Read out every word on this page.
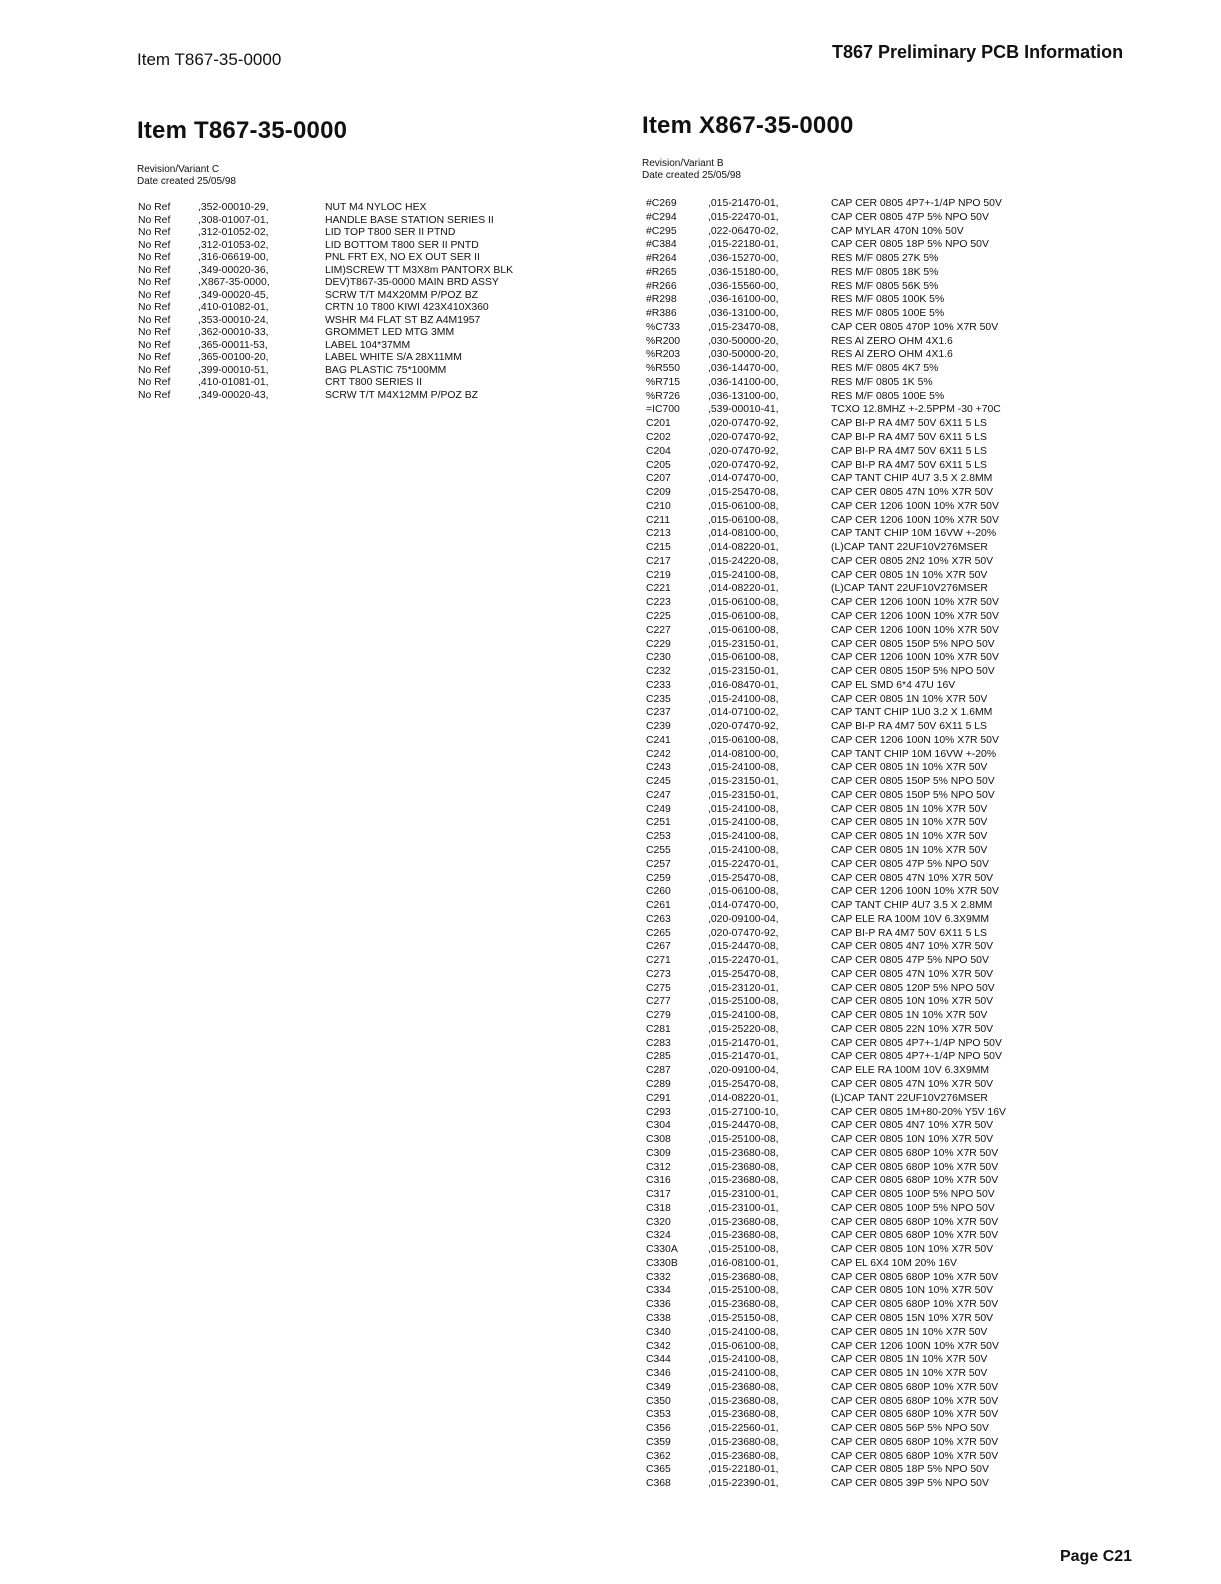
Item T867-35-0000	T867 Preliminary PCB Information
Item T867-35-0000
Revision/Variant C
Date created 25/05/98
No Ref	,352-00010-29,	NUT M4 NYLOC HEX
No Ref	,308-01007-01,	HANDLE BASE STATION SERIES II
No Ref	,312-01052-02,	LID TOP T800 SER II PTND
No Ref	,312-01053-02,	LID BOTTOM T800 SER II PNTD
No Ref	,316-06619-00,	PNL FRT EX, NO EX OUT SER II
No Ref	,349-00020-36,	LIM)SCREW TT M3X8m PANTORX BLK
No Ref	,X867-35-0000,	DEV)T867-35-0000 MAIN BRD ASSY
No Ref	,349-00020-45,	SCRW T/T M4X20MM P/POZ BZ
No Ref	,410-01082-01,	CRTN 10 T800 KIWI 423X410X360
No Ref	,353-00010-24,	WSHR M4 FLAT ST BZ A4M1957
No Ref	,362-00010-33,	GROMMET LED MTG 3MM
No Ref	,365-00011-53,	LABEL 104*37MM
No Ref	,365-00100-20,	LABEL WHITE S/A 28X11MM
No Ref	,399-00010-51,	BAG PLASTIC 75*100MM
No Ref	,410-01081-01,	CRT T800 SERIES II
No Ref	,349-00020-43,	SCRW T/T M4X12MM P/POZ BZ
Item X867-35-0000
Revision/Variant B
Date created 25/05/98
#C269	,015-21470-01,	CAP CER 0805 4P7+-1/4P NPO 50V
#C294	,015-22470-01,	CAP CER 0805 47P 5% NPO 50V
#C295	,022-06470-02,	CAP MYLAR 470N 10% 50V
#C384	,015-22180-01,	CAP CER 0805 18P 5% NPO 50V
#R264	,036-15270-00,	RES M/F 0805 27K 5%
#R265	,036-15180-00,	RES M/F 0805 18K 5%
#R266	,036-15560-00,	RES M/F 0805 56K 5%
#R298	,036-16100-00,	RES M/F 0805 100K 5%
#R386	,036-13100-00,	RES M/F 0805 100E 5%
%C733	,015-23470-08,	CAP CER 0805 470P 10% X7R 50V
%R200	,030-50000-20,	RES Al ZERO OHM 4X1.6
%R203	,030-50000-20,	RES Al ZERO OHM 4X1.6
%R550	,036-14470-00,	RES M/F 0805 4K7 5%
%R715	,036-14100-00,	RES M/F 0805 1K 5%
%R726	,036-13100-00,	RES M/F 0805 100E 5%
=IC700	,539-00010-41,	TCXO 12.8MHZ +-2.5PPM -30 +70C
C201	,020-07470-92,	CAP BI-P RA 4M7 50V 6X11 5 LS
C202	,020-07470-92,	CAP BI-P RA 4M7 50V 6X11 5 LS
C204	,020-07470-92,	CAP BI-P RA 4M7 50V 6X11 5 LS
C205	,020-07470-92,	CAP BI-P RA 4M7 50V 6X11 5 LS
C207	,014-07470-00,	CAP TANT CHIP 4U7 3.5 X 2.8MM
C209	,015-25470-08,	CAP CER 0805 47N 10% X7R 50V
C210	,015-06100-08,	CAP CER 1206 100N 10% X7R 50V
C211	,015-06100-08,	CAP CER 1206 100N 10% X7R 50V
C213	,014-08100-00,	CAP TANT CHIP 10M 16VW +-20%
C215	,014-08220-01,	(L)CAP TANT 22UF10V276MSER
C217	,015-24220-08,	CAP CER 0805 2N2 10% X7R 50V
C219	,015-24100-08,	CAP CER 0805 1N 10% X7R 50V
C221	,014-08220-01,	(L)CAP TANT 22UF10V276MSER
C223	,015-06100-08,	CAP CER 1206 100N 10% X7R 50V
C225	,015-06100-08,	CAP CER 1206 100N 10% X7R 50V
C227	,015-06100-08,	CAP CER 1206 100N 10% X7R 50V
C229	,015-23150-01,	CAP CER 0805 150P 5% NPO 50V
C230	,015-06100-08,	CAP CER 1206 100N 10% X7R 50V
C232	,015-23150-01,	CAP CER 0805 150P 5% NPO 50V
C233	,016-08470-01,	CAP EL SMD 6*4 47U 16V
C235	,015-24100-08,	CAP CER 0805 1N 10% X7R 50V
C237	,014-07100-02,	CAP TANT CHIP 1U0 3.2 X 1.6MM
C239	,020-07470-92,	CAP BI-P RA 4M7 50V 6X11 5 LS
C241	,015-06100-08,	CAP CER 1206 100N 10% X7R 50V
C242	,014-08100-00,	CAP TANT CHIP 10M 16VW +-20%
C243	,015-24100-08,	CAP CER 0805 1N 10% X7R 50V
C245	,015-23150-01,	CAP CER 0805 150P 5% NPO 50V
C247	,015-23150-01,	CAP CER 0805 150P 5% NPO 50V
C249	,015-24100-08,	CAP CER 0805 1N 10% X7R 50V
C251	,015-24100-08,	CAP CER 0805 1N 10% X7R 50V
C253	,015-24100-08,	CAP CER 0805 1N 10% X7R 50V
C255	,015-24100-08,	CAP CER 0805 1N 10% X7R 50V
C257	,015-22470-01,	CAP CER 0805 47P 5% NPO 50V
C259	,015-25470-08,	CAP CER 0805 47N 10% X7R 50V
C260	,015-06100-08,	CAP CER 1206 100N 10% X7R 50V
C261	,014-07470-00,	CAP TANT CHIP 4U7 3.5 X 2.8MM
C263	,020-09100-04,	CAP ELE RA 100M 10V 6.3X9MM
C265	,020-07470-92,	CAP BI-P RA 4M7 50V 6X11 5 LS
C267	,015-24470-08,	CAP CER 0805 4N7 10% X7R 50V
C271	,015-22470-01,	CAP CER 0805 47P 5% NPO 50V
C273	,015-25470-08,	CAP CER 0805 47N 10% X7R 50V
C275	,015-23120-01,	CAP CER 0805 120P 5% NPO 50V
C277	,015-25100-08,	CAP CER 0805 10N 10% X7R 50V
C279	,015-24100-08,	CAP CER 0805 1N 10% X7R 50V
C281	,015-25220-08,	CAP CER 0805 22N 10% X7R 50V
C283	,015-21470-01,	CAP CER 0805 4P7+-1/4P NPO 50V
C285	,015-21470-01,	CAP CER 0805 4P7+-1/4P NPO 50V
C287	,020-09100-04,	CAP ELE RA 100M 10V 6.3X9MM
C289	,015-25470-08,	CAP CER 0805 47N 10% X7R 50V
C291	,014-08220-01,	(L)CAP TANT 22UF10V276MSER
C293	,015-27100-10,	CAP CER 0805 1M+80-20% Y5V 16V
C304	,015-24470-08,	CAP CER 0805 4N7 10% X7R 50V
C308	,015-25100-08,	CAP CER 0805 10N 10% X7R 50V
C309	,015-23680-08,	CAP CER 0805 680P 10% X7R 50V
C312	,015-23680-08,	CAP CER 0805 680P 10% X7R 50V
C316	,015-23680-08,	CAP CER 0805 680P 10% X7R 50V
C317	,015-23100-01,	CAP CER 0805 100P 5% NPO 50V
C318	,015-23100-01,	CAP CER 0805 100P 5% NPO 50V
C320	,015-23680-08,	CAP CER 0805 680P 10% X7R 50V
C324	,015-23680-08,	CAP CER 0805 680P 10% X7R 50V
C330A	,015-25100-08,	CAP CER 0805 10N 10% X7R 50V
C330B	,016-08100-01,	CAP EL 6X4 10M 20% 16V
C332	,015-23680-08,	CAP CER 0805 680P 10% X7R 50V
C334	,015-25100-08,	CAP CER 0805 10N 10% X7R 50V
C336	,015-23680-08,	CAP CER 0805 680P 10% X7R 50V
C338	,015-25150-08,	CAP CER 0805 15N 10% X7R 50V
C340	,015-24100-08,	CAP CER 0805 1N 10% X7R 50V
C342	,015-06100-08,	CAP CER 1206 100N 10% X7R 50V
C344	,015-24100-08,	CAP CER 0805 1N 10% X7R 50V
C346	,015-24100-08,	CAP CER 0805 1N 10% X7R 50V
C349	,015-23680-08,	CAP CER 0805 680P 10% X7R 50V
C350	,015-23680-08,	CAP CER 0805 680P 10% X7R 50V
C353	,015-23680-08,	CAP CER 0805 680P 10% X7R 50V
C356	,015-22560-01,	CAP CER 0805 56P 5% NPO 50V
C359	,015-23680-08,	CAP CER 0805 680P 10% X7R 50V
C362	,015-23680-08,	CAP CER 0805 680P 10% X7R 50V
C365	,015-22180-01,	CAP CER 0805 18P 5% NPO 50V
C368	,015-22390-01,	CAP CER 0805 39P 5% NPO 50V
Page C21
